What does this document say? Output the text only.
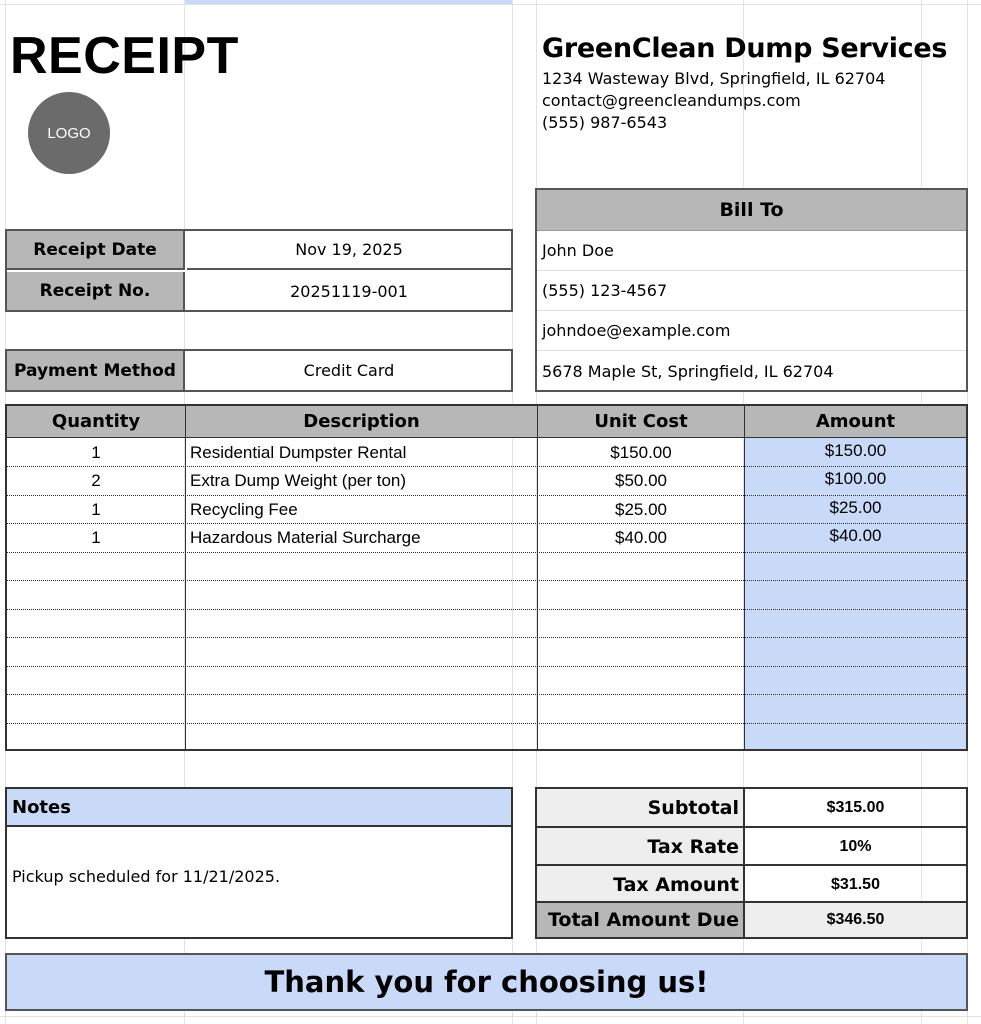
RECEIPT
LOGO
GreenClean Dump Services
1234 Wasteway Blvd, Springfield, IL 62704
contact@greencleandumps.com
(555) 987-6543
Receipt Date	Nov 19, 2025
Receipt No.	20251119-001
Payment Method	Credit Card
Bill To
John Doe
(555) 123-4567
johndoe@example.com
5678 Maple St, Springfield, IL 62704
Quantity	Description	Unit Cost	Amount
1	Residential Dumpster Rental	$150.00	$150.00
2	Extra Dump Weight (per ton)	$50.00	$100.00
1	Recycling Fee	$25.00	$25.00
1	Hazardous Material Surcharge	$40.00	$40.00
Notes
Pickup scheduled for 11/21/2025.
Subtotal	$315.00
Tax Rate	10%
Tax Amount	$31.50
Total Amount Due	$346.50
Thank you for choosing us!
